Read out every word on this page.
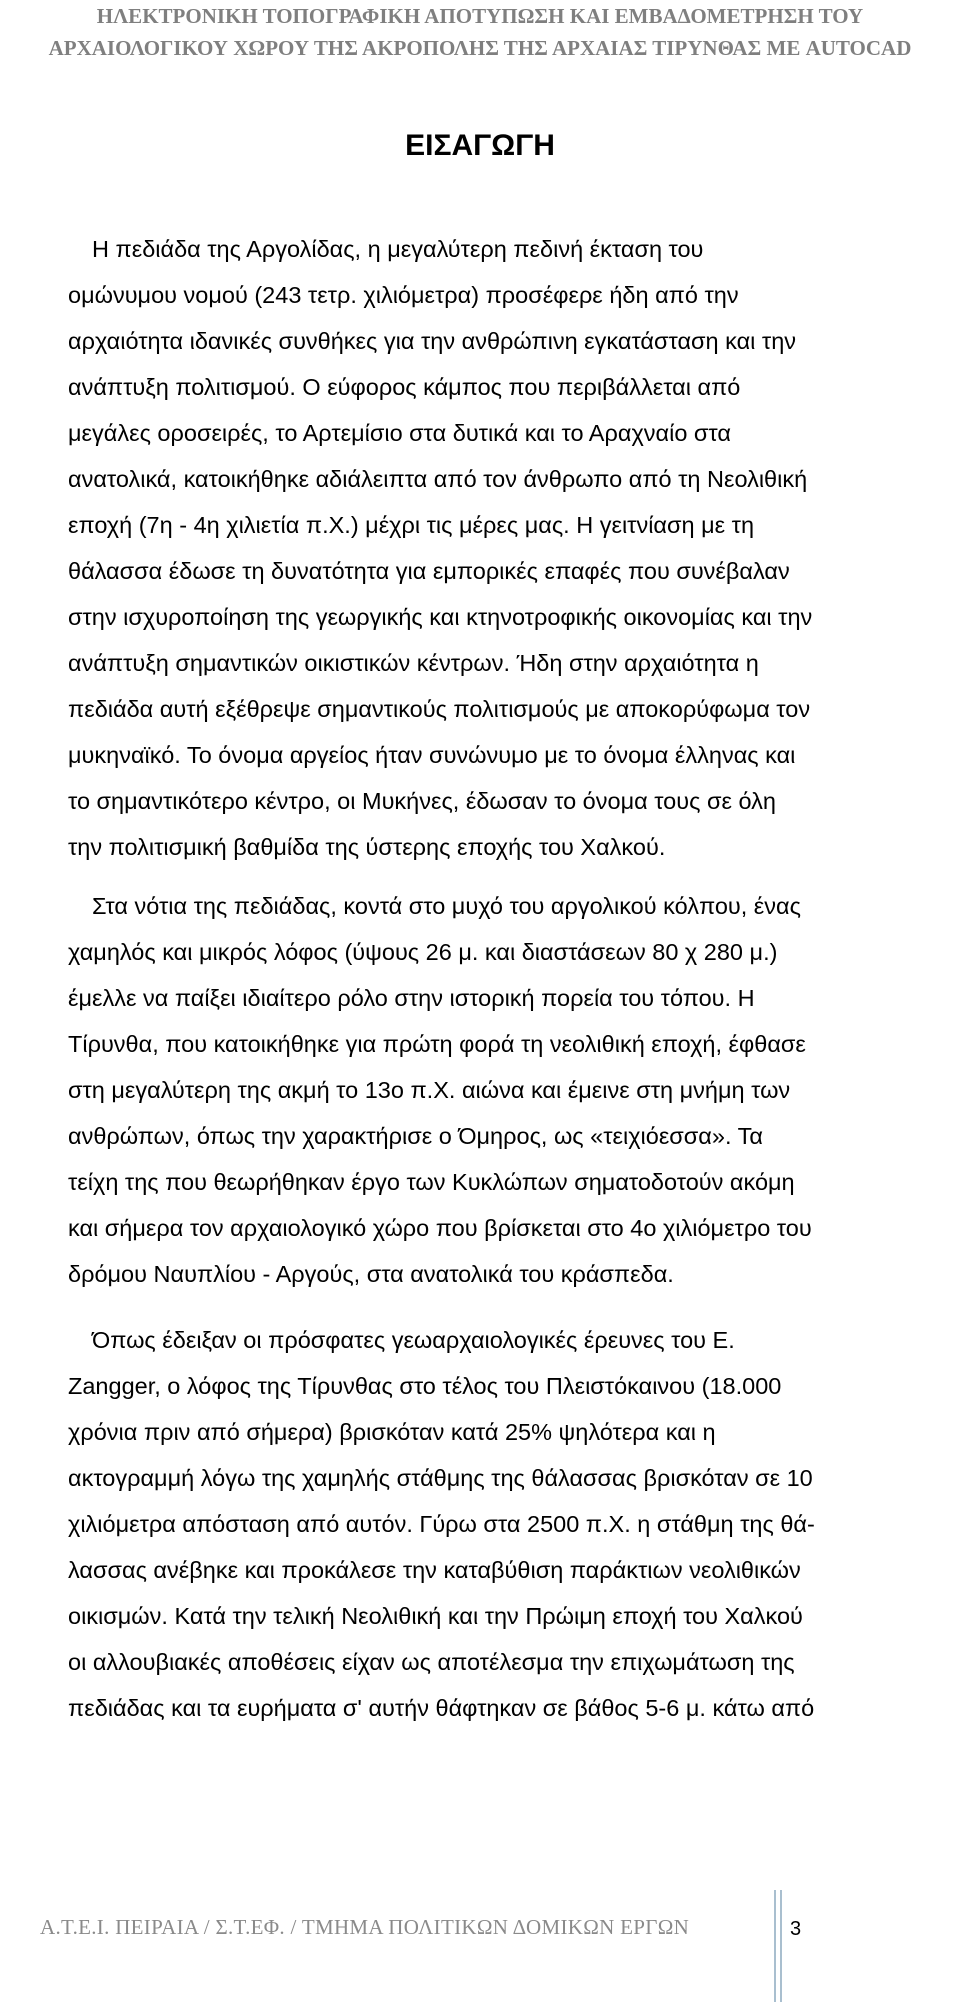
ΗΛΕΚΤΡΟΝΙΚΗ ΤΟΠΟΓΡΑΦΙΚΗ ΑΠΟΤΥΠΩΣΗ ΚΑΙ ΕΜΒΑΔΟΜΕΤΡΗΣΗ ΤΟΥ
ΑΡΧΑΙΟΛΟΓΙΚΟΥ ΧΩΡΟΥ ΤΗΣ ΑΚΡΟΠΟΛΗΣ ΤΗΣ ΑΡΧΑΙΑΣ ΤΙΡΥΝΘΑΣ ΜΕ AUTOCAD
ΕΙΣΑΓΩΓΗ

Η πεδιάδα της Αργολίδας, η μεγαλύτερη πεδινή έκταση του
ομώνυμου νομού (243 τετρ. χιλιόμετρα) προσέφερε ήδη από την
αρχαιότητα ιδανικές συνθήκες για την ανθρώπινη εγκατάσταση και την
ανάπτυξη πολιτισμού. Ο εύφορος κάμπος που περιβάλλεται από
μεγάλες οροσειρές, το Αρτεμίσιο στα δυτικά και το Αραχναίο στα
ανατολικά, κατοικήθηκε αδιάλειπτα από τον άνθρωπο από τη Νεολιθική
εποχή (7η - 4η χιλιετία π.Χ.) μέχρι τις μέρες μας. Η γειτνίαση με τη
θάλασσα έδωσε τη δυνατότητα για εμπορικές επαφές που συνέβαλαν
στην ισχυροποίηση της γεωργικής και κτηνοτροφικής οικονομίας και την
ανάπτυξη σημαντικών οικιστικών κέντρων. Ήδη στην αρχαιότητα η
πεδιάδα αυτή εξέθρεψε σημαντικούς πολιτισμούς με αποκορύφωμα τον
μυκηναϊκό. Το όνομα αργείος ήταν συνώνυμο με το όνομα έλληνας και
το σημαντικότερο κέντρο, οι Μυκήνες, έδωσαν το όνομα τους σε όλη
την πολιτισμική βαθμίδα της ύστερης εποχής του Χαλκού.

Στα νότια της πεδιάδας, κοντά στο μυχό του αργολικού κόλπου, ένας
χαμηλός και μικρός λόφος (ύψους 26 μ. και διαστάσεων 80 χ 280 μ.)
έμελλε να παίξει ιδιαίτερο ρόλο στην ιστορική πορεία του τόπου. Η
Τίρυνθα, που κατοικήθηκε για πρώτη φορά τη νεολιθική εποχή, έφθασε
στη μεγαλύτερη της ακμή το 13ο π.Χ. αιώνα και έμεινε στη μνήμη των
ανθρώπων, όπως την χαρακτήρισε ο Όμηρος, ως «τειχιόεσσα». Τα
τείχη της που θεωρήθηκαν έργο των Κυκλώπων σηματοδοτούν ακόμη
και σήμερα τον αρχαιολογικό χώρο που βρίσκεται στο 4ο χιλιόμετρο του
δρόμου Ναυπλίου - Αργούς, στα ανατολικά του κράσπεδα.

Όπως έδειξαν οι πρόσφατες γεωαρχαιολογικές έρευνες του Ε.
Zangger, ο λόφος της Τίρυνθας στο τέλος του Πλειστόκαινου (18.000
χρόνια πριν από σήμερα) βρισκόταν κατά 25% ψηλότερα και η
ακτογραμμή λόγω της χαμηλής στάθμης της θάλασσας βρισκόταν σε 10
χιλιόμετρα απόσταση από αυτόν. Γύρω στα 2500 π.Χ. η στάθμη της θά-
λασσας ανέβηκε και προκάλεσε την καταβύθιση παράκτιων νεολιθικών
οικισμών. Κατά την τελική Νεολιθική και την Πρώιμη εποχή του Χαλκού
οι αλλουβιακές αποθέσεις είχαν ως αποτέλεσμα την επιχωμάτωση της
πεδιάδας και τα ευρήματα σ' αυτήν θάφτηκαν σε βάθος 5-6 μ. κάτω από

Α.Τ.Ε.Ι. ΠΕΙΡΑΙΑ / Σ.Τ.ΕΦ. / ΤΜΗΜΑ ΠΟΛΙΤΙΚΩΝ ΔΟΜΙΚΩΝ ΕΡΓΩΝ	3
